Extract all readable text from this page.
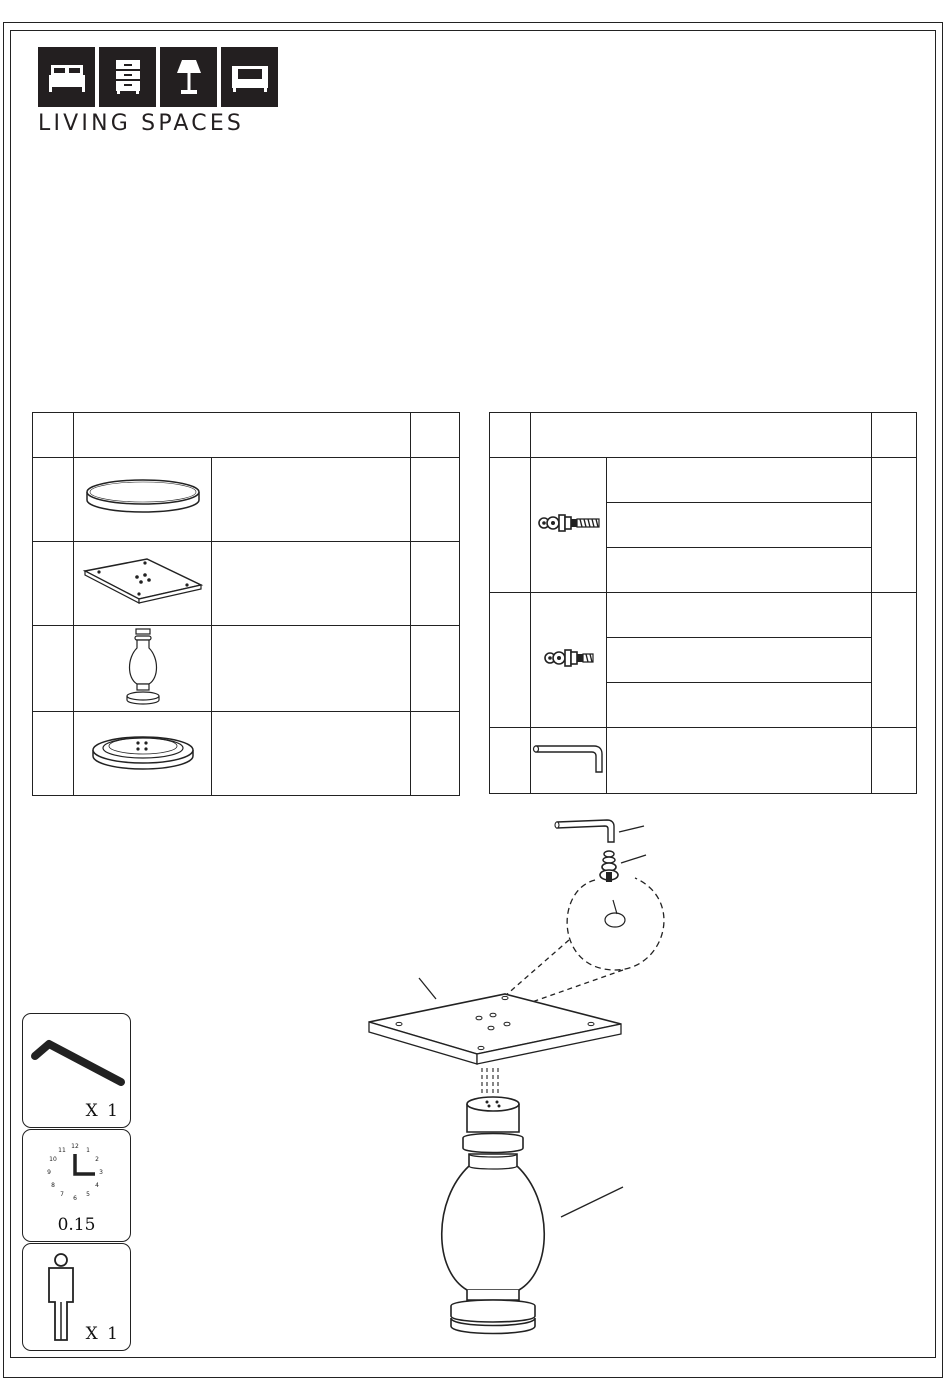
LIVING SPACES

X 1
12
1
2
3
4
5
6
7
8
9
10
11
0.15
X 1
